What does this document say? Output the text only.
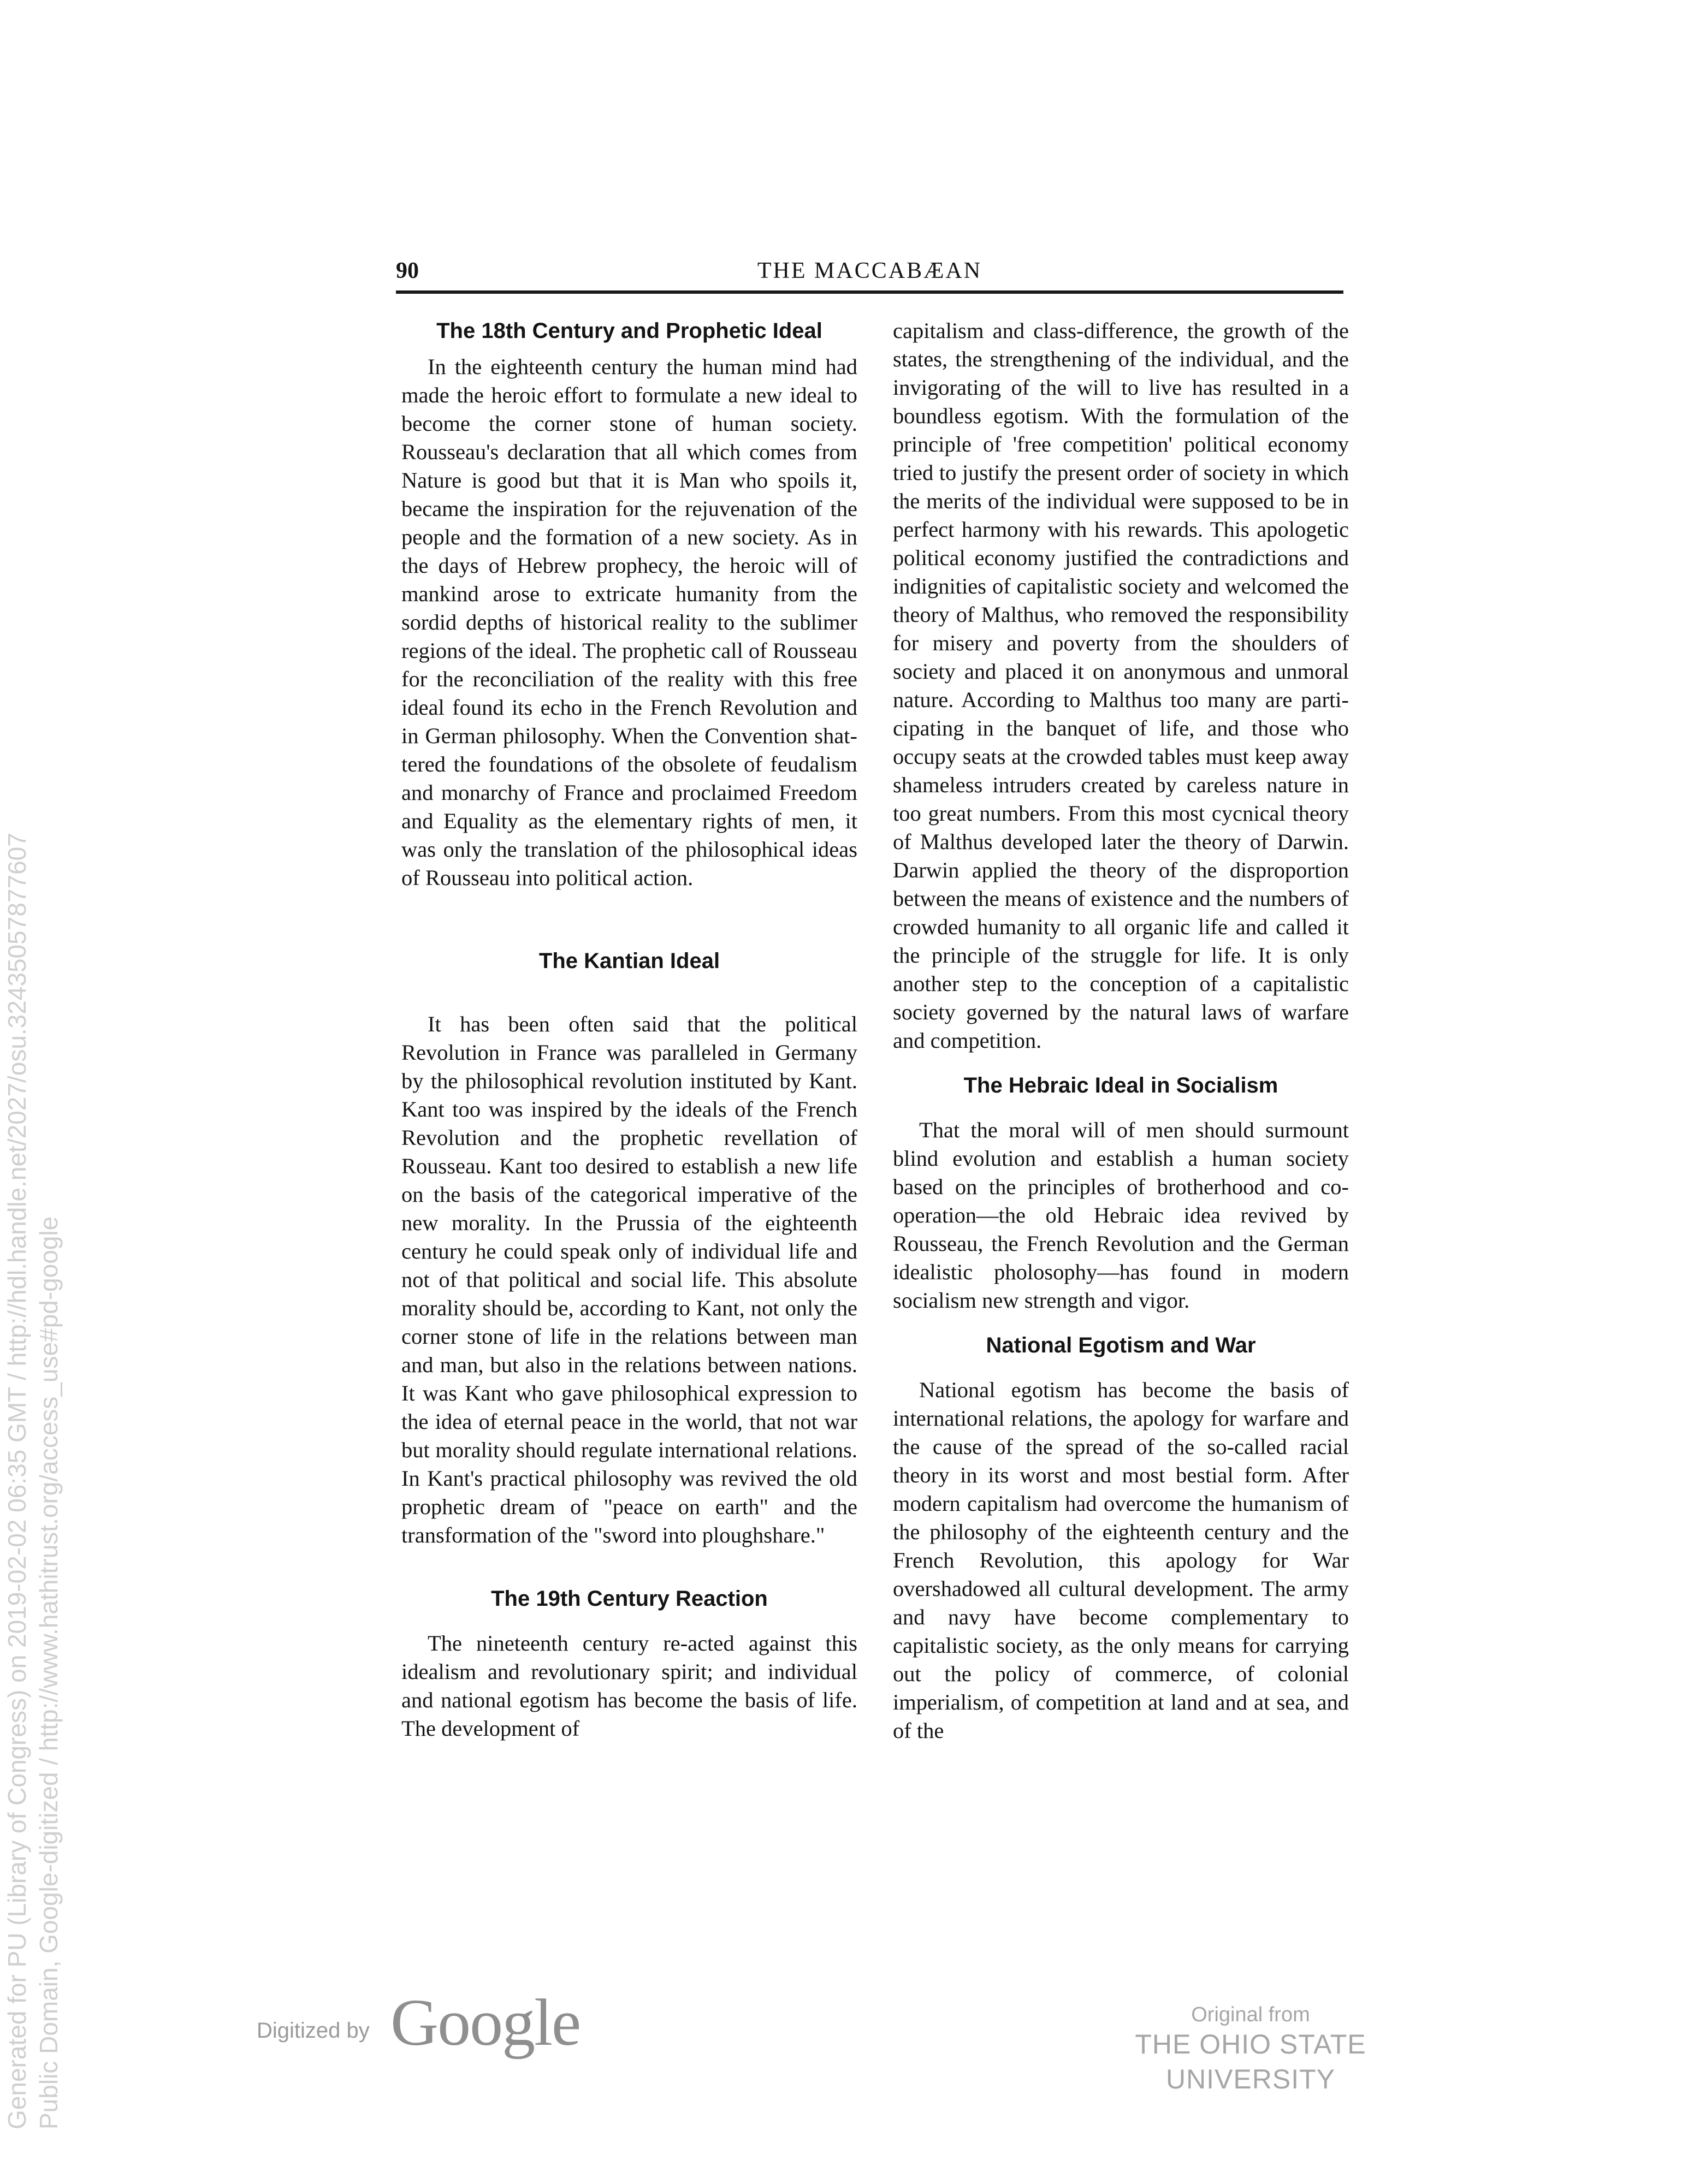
90	THE MACCABÆAN
The 18th Century and Prophetic Ideal

In the eighteenth century the human mind had made the heroic effort to formulate a new ideal to become the corner stone of human society. Rousseau's declaration that all which comes from Nature is good but that it is Man who spoils it, became the inspiration for the rejuvenation of the people and the formation of a new society. As in the days of Hebrew prophecy, the heroic will of mankind arose to extricate humanity from the sordid depths of historical reality to the sublimer regions of the ideal. The prophetic call of Rousseau for the reconciliation of the reality with this free ideal found its echo in the French Revolution and in German philosophy. When the Convention shattered the foundations of the obsolete of feudalism and monarchy of France and proclaimed Freedom and Equality as the elementary rights of men, it was only the translation of the philosophical ideas of Rousseau into political action.

The Kantian Ideal

It has been often said that the political Revolution in France was paralleled in Germany by the philosophical revolution instituted by Kant. Kant too was inspired by the ideals of the French Revolution and the prophetic revellation of Rousseau. Kant too desired to establish a new life on the basis of the categorical imperative of the new morality. In the Prussia of the eighteenth century he could speak only of individual life and not of that political and social life. This absolute morality should be, according to Kant, not only the corner stone of life in the relations between man and man, but also in the relations between nations. It was Kant who gave philosophical expression to the idea of eternal peace in the world, that not war but morality should regulate international relations. In Kant's practical philosophy was revived the old prophetic dream of "peace on earth" and the transformation of the "sword into ploughshare."

The 19th Century Reaction

The nineteenth century re-acted against this idealism and revolutionary spirit; and individual and national egotism has become the basis of life. The development of

capitalism and class-difference, the growth of the states, the strengthening of the individual, and the invigorating of the will to live has resulted in a boundless egotism. With the formulation of the principle of 'free competition' political economy tried to justify the present order of society in which the merits of the individual were supposed to be in perfect harmony with his rewards. This apologetic political economy justified the contradictions and indignities of capitalistic society and welcomed the theory of Malthus, who removed the responsibility for misery and poverty from the shoulders of society and placed it on anonymous and unmoral nature. According to Malthus too many are participating in the banquet of life, and those who occupy seats at the crowded tables must keep away shameless intruders created by careless nature in too great numbers. From this most cycnical theory of Malthus developed later the theory of Darwin. Darwin applied the theory of the disproportion between the means of existence and the numbers of crowded humanity to all organic life and called it the principle of the struggle for life. It is only another step to the conception of a capitalistic society governed by the natural laws of warfare and competition.

The Hebraic Ideal in Socialism

That the moral will of men should surmount blind evolution and establish a human society based on the principles of brotherhood and co-operation—the old Hebraic idea revived by Rousseau, the French Revolution and the German idealistic pholosophy—has found in modern socialism new strength and vigor.

National Egotism and War

National egotism has become the basis of international relations, the apology for warfare and the cause of the spread of the so-called racial theory in its worst and most bestial form. After modern capitalism had overcome the humanism of the philosophy of the eighteenth century and the French Revolution, this apology for War overshadowed all cultural development. The army and navy have become complementary to capitalistic society, as the only means for carrying out the policy of commerce, of colonial imperialism, of competition at land and at sea, and of the

Generated for PU (Library of Congress) on 2019-02-02 06:35 GMT / http://hdl.handle.net/2027/osu.32435057877607 Public Domain, Google-digitized / http://www.hathitrust.org/access_use#pd-google	Digitized by Google	Original from
THE OHIO STATE UNIVERSITY
